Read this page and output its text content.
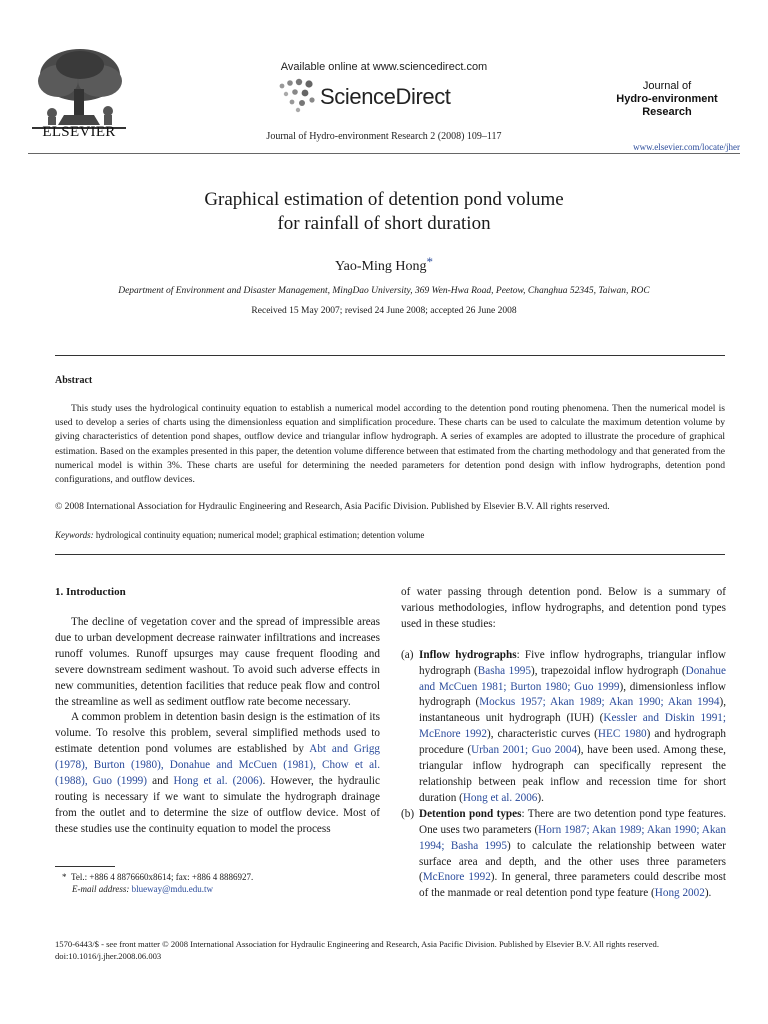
ELSEVIER
Available online at www.sciencedirect.com
ScienceDirect
Journal of Hydro-environment Research 2 (2008) 109–117
Journal of
Hydro-environment
Research
www.elsevier.com/locate/jher
Graphical estimation of detention pond volume
for rainfall of short duration
Yao-Ming Hong*
Department of Environment and Disaster Management, MingDao University, 369 Wen-Hwa Road, Peetow, Changhua 52345, Taiwan, ROC
Received 15 May 2007; revised 24 June 2008; accepted 26 June 2008
Abstract
This study uses the hydrological continuity equation to establish a numerical model according to the detention pond routing phenomena. Then the numerical model is used to develop a series of charts using the dimensionless equation and simplification procedure. These charts can be used to calculate the maximum detention volume by giving characteristics of detention pond shapes, outflow device and triangular inflow hydrograph. A series of examples are adopted to illustrate the procedure of graphical estimation. Based on the examples presented in this paper, the detention volume difference between that estimated from the charting methodology and that generated from the numerical model is within 3%. These charts are useful for determining the needed parameters for detention pond design with inflow hydrographs, detention pond configurations, and outflow devices.
© 2008 International Association for Hydraulic Engineering and Research, Asia Pacific Division. Published by Elsevier B.V. All rights reserved.
Keywords: hydrological continuity equation; numerical model; graphical estimation; detention volume
1. Introduction

The decline of vegetation cover and the spread of impressible areas due to urban development decrease rainwater infiltrations and increases runoff volumes. Runoff upsurges may cause frequent flooding and severe downstream sediment washout. To avoid such adverse effects in new communities, detention facilities that reduce peak flow and control the streamline as well as sediment outflow rate become necessary.

A common problem in detention basin design is the estimation of its volume. To resolve this problem, several simplified methods used to estimate detention pond volumes are established by Abt and Grigg (1978), Burton (1980), Donahue and McCuen (1981), Chow et al. (1988), Guo (1999) and Hong et al. (2006). However, the hydraulic routing is necessary if we want to simulate the hydrograph drainage from the outlet and to determine the size of outflow device. Most of these studies use the continuity equation to model the process

of water passing through detention pond. Below is a summary of various methodologies, inflow hydrographs, and detention pond types used in these studies:

(a) Inflow hydrographs: Five inflow hydrographs, triangular inflow hydrograph (Basha 1995), trapezoidal inflow hydrograph (Donahue and McCuen 1981; Burton 1980; Guo 1999), dimensionless inflow hydrograph (Mockus 1957; Akan 1989; Akan 1990; Akan 1994), instantaneous unit hydrograph (IUH) (Kessler and Diskin 1991; McEnore 1992), characteristic curves (HEC 1980) and hydrograph procedure (Urban 2001; Guo 2004), have been used. Among these, triangular inflow hydrograph can specifically represent the relationship between peak inflow and recession time for short duration (Hong et al. 2006).
(b) Detention pond types: There are two detention pond type features. One uses two parameters (Horn 1987; Akan 1989; Akan 1990; Akan 1994; Basha 1995) to calculate the relationship between water surface area and depth, and the other uses three parameters (McEnore 1992). In general, three parameters could describe most of the manmade or real detention pond type feature (Hong 2002).
* Tel.: +886 4 8876660x8614; fax: +886 4 8886927.
E-mail address: blueway@mdu.edu.tw
1570-6443/$ - see front matter © 2008 International Association for Hydraulic Engineering and Research, Asia Pacific Division. Published by Elsevier B.V. All rights reserved.
doi:10.1016/j.jher.2008.06.003
